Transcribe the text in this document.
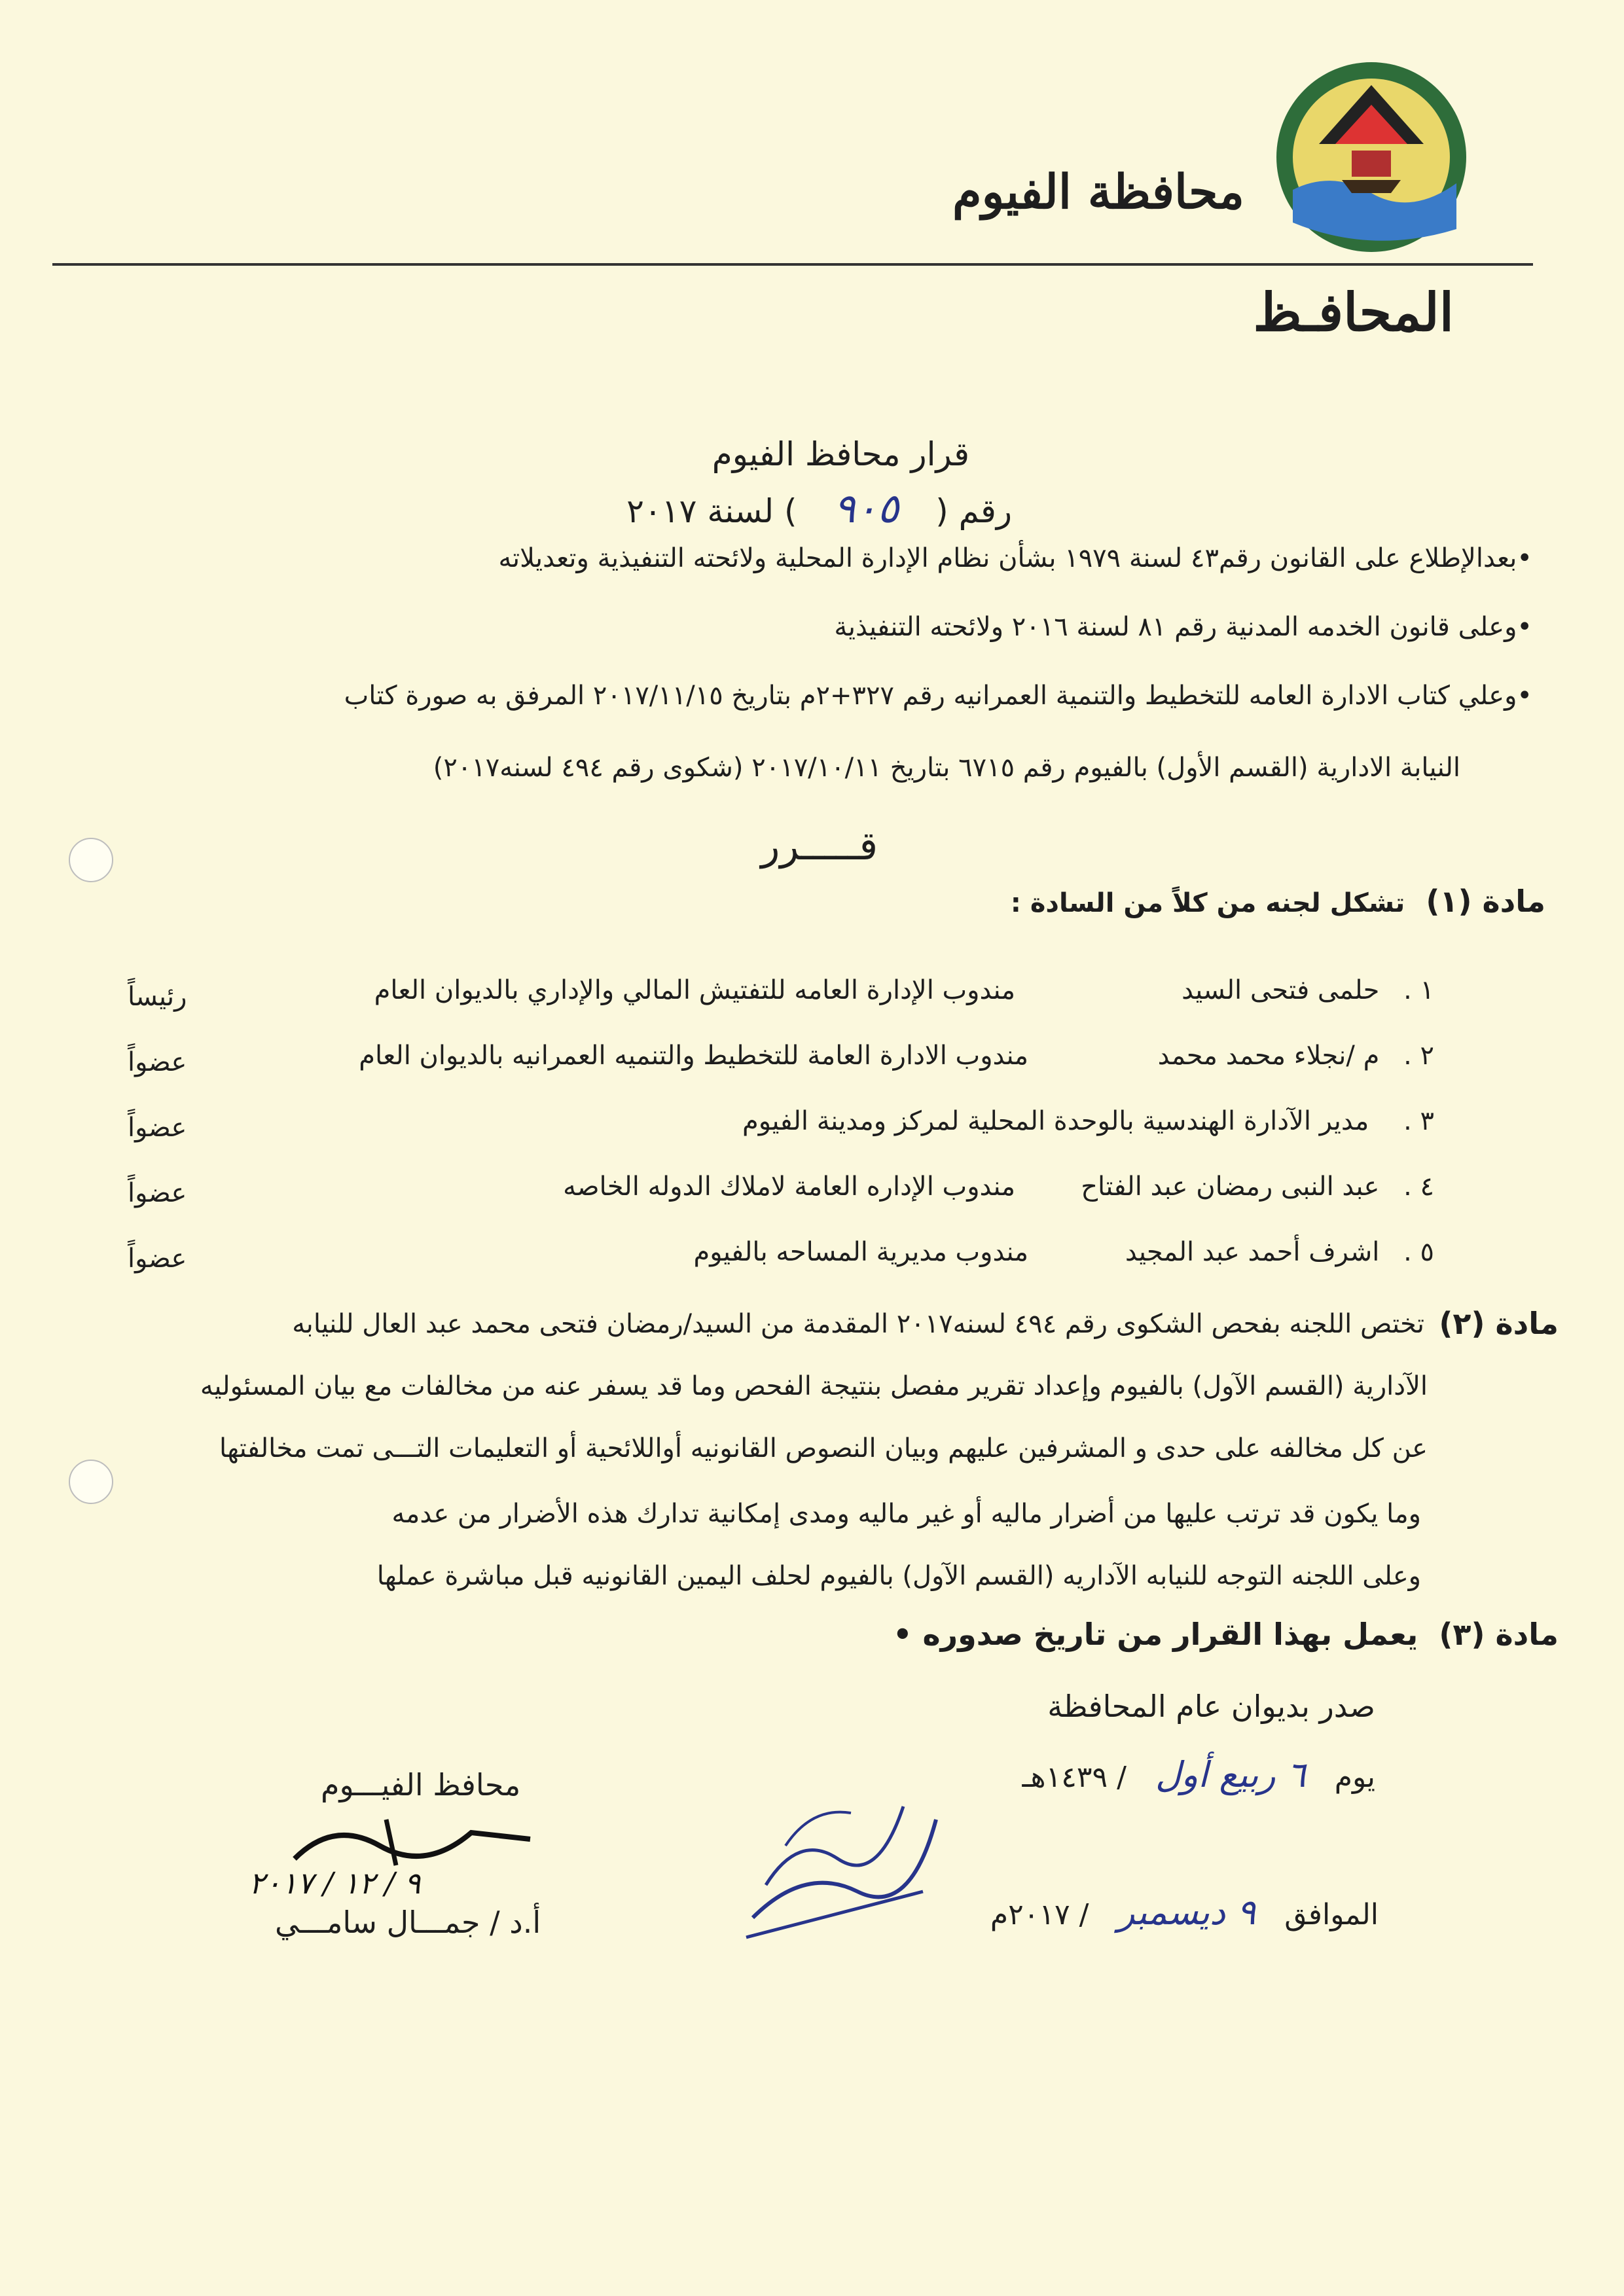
محافظة الفيوم
المحافـظ
قرار محافظ الفيوم
رقم ( ٩٠٥ ) لسنة ٢٠١٧
•بعدالإطلاع على القانون رقم٤٣ لسنة ١٩٧٩ بشأن نظام الإدارة المحلية ولائحته التنفيذية وتعديلاته
•وعلى قانون الخدمه المدنية رقم ٨١ لسنة ٢٠١٦ ولائحته التنفيذية
•وعلي كتاب الادارة العامه للتخطيط والتنمية العمرانيه رقم ٣٢٧+٢م بتاريخ ٢٠١٧/١١/١٥ المرفق به صورة كتاب
النيابة الادارية (القسم الأول) بالفيوم رقم ٦٧١٥ بتاريخ ٢٠١٧/١٠/١١ (شكوى رقم ٤٩٤ لسنه٢٠١٧)
قـــــرر
مادة (١) تشكل لجنه من كلاً من السادة :
١ . حلمى فتحى السيد
مندوب الإدارة العامه للتفتيش المالي والإداري بالديوان العام
رئيساً
٢ . م /نجلاء محمد محمد
مندوب الادارة العامة للتخطيط والتنميه العمرانيه بالديوان العام
عضواً
٣ . مدير الآدارة الهندسية بالوحدة المحلية لمركز ومدينة الفيوم
عضواً
٤ . عبد النبى رمضان عبد الفتاح
مندوب الإداره العامة لاملاك الدوله الخاصه
عضواً
٥ . اشرف أحمد عبد المجيد
مندوب مديرية المساحه بالفيوم
عضواً
مادة (٢)
تختص اللجنه بفحص الشكوى رقم ٤٩٤ لسنه٢٠١٧ المقدمة من السيد/رمضان فتحى محمد عبد العال للنيابه
الآدارية (القسم الآول) بالفيوم وإعداد تقرير مفصل بنتيجة الفحص وما قد يسفر عنه من مخالفات مع بيان المسئوليه
عن كل مخالفه على حدى و المشرفين عليهم وبيان النصوص القانونيه أواللائحية أو التعليمات التـــى تمت مخالفتها
وما يكون قد ترتب عليها من أضرار ماليه أو غير ماليه ومدى إمكانية تدارك هذه الأضرار من عدمه
وعلى اللجنه التوجه للنيابه الآداريه (القسم الآول) بالفيوم لحلف اليمين القانونيه قبل مباشرة عملها
مادة (٣) يعمل بهذا القرار من تاريخ صدوره •
صدر بديوان عام المحافظة
يوم ٦ ربيع أول / ١٤٣٩هـ
الموافق ٩ ديسمبر / ٢٠١٧م
محافظ الفيـــوم
٩ / ١٢ / ٢٠١٧
أ.د / جمـــال سامـــي
